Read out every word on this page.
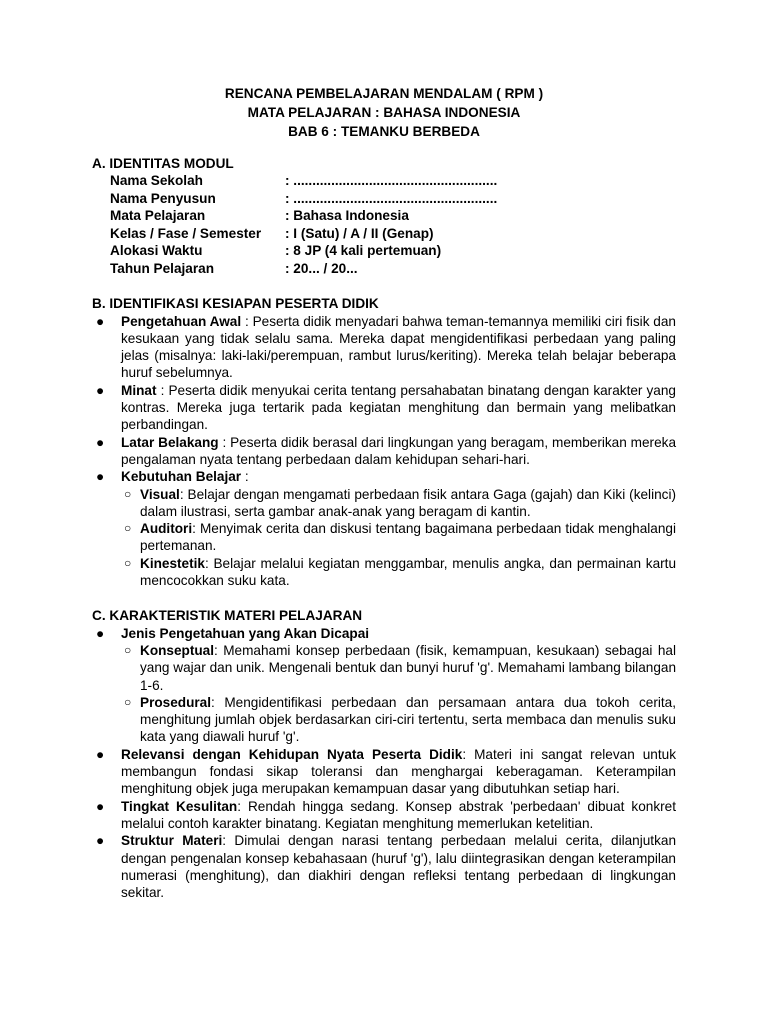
RENCANA PEMBELAJARAN MENDALAM ( RPM )
MATA PELAJARAN : BAHASA INDONESIA
BAB 6 : TEMANKU BERBEDA
A. IDENTITAS MODUL
Nama Sekolah	: ......................................................
Nama Penyusun	: ......................................................
Mata Pelajaran	: Bahasa Indonesia
Kelas / Fase / Semester	: I (Satu) / A / II (Genap)
Alokasi Waktu	: 8 JP (4 kali pertemuan)
Tahun Pelajaran	: 20... / 20...
B. IDENTIFIKASI KESIAPAN PESERTA DIDIK
● Pengetahuan Awal : Peserta didik menyadari bahwa teman-temannya memiliki ciri fisik dan kesukaan yang tidak selalu sama. Mereka dapat mengidentifikasi perbedaan yang paling jelas (misalnya: laki-laki/perempuan, rambut lurus/keriting). Mereka telah belajar beberapa huruf sebelumnya.
● Minat : Peserta didik menyukai cerita tentang persahabatan binatang dengan karakter yang kontras. Mereka juga tertarik pada kegiatan menghitung dan bermain yang melibatkan perbandingan.
● Latar Belakang : Peserta didik berasal dari lingkungan yang beragam, memberikan mereka pengalaman nyata tentang perbedaan dalam kehidupan sehari-hari.
● Kebutuhan Belajar :
○ Visual: Belajar dengan mengamati perbedaan fisik antara Gaga (gajah) dan Kiki (kelinci) dalam ilustrasi, serta gambar anak-anak yang beragam di kantin.
○ Auditori: Menyimak cerita dan diskusi tentang bagaimana perbedaan tidak menghalangi pertemanan.
○ Kinestetik: Belajar melalui kegiatan menggambar, menulis angka, dan permainan kartu mencocokkan suku kata.
C. KARAKTERISTIK MATERI PELAJARAN
● Jenis Pengetahuan yang Akan Dicapai
○ Konseptual: Memahami konsep perbedaan (fisik, kemampuan, kesukaan) sebagai hal yang wajar dan unik. Mengenali bentuk dan bunyi huruf 'g'. Memahami lambang bilangan 1-6.
○ Prosedural: Mengidentifikasi perbedaan dan persamaan antara dua tokoh cerita, menghitung jumlah objek berdasarkan ciri-ciri tertentu, serta membaca dan menulis suku kata yang diawali huruf 'g'.
● Relevansi dengan Kehidupan Nyata Peserta Didik: Materi ini sangat relevan untuk membangun fondasi sikap toleransi dan menghargai keberagaman. Keterampilan menghitung objek juga merupakan kemampuan dasar yang dibutuhkan setiap hari.
● Tingkat Kesulitan: Rendah hingga sedang. Konsep abstrak 'perbedaan' dibuat konkret melalui contoh karakter binatang. Kegiatan menghitung memerlukan ketelitian.
● Struktur Materi: Dimulai dengan narasi tentang perbedaan melalui cerita, dilanjutkan dengan pengenalan konsep kebahasaan (huruf 'g'), lalu diintegrasikan dengan keterampilan numerasi (menghitung), dan diakhiri dengan refleksi tentang perbedaan di lingkungan sekitar.
